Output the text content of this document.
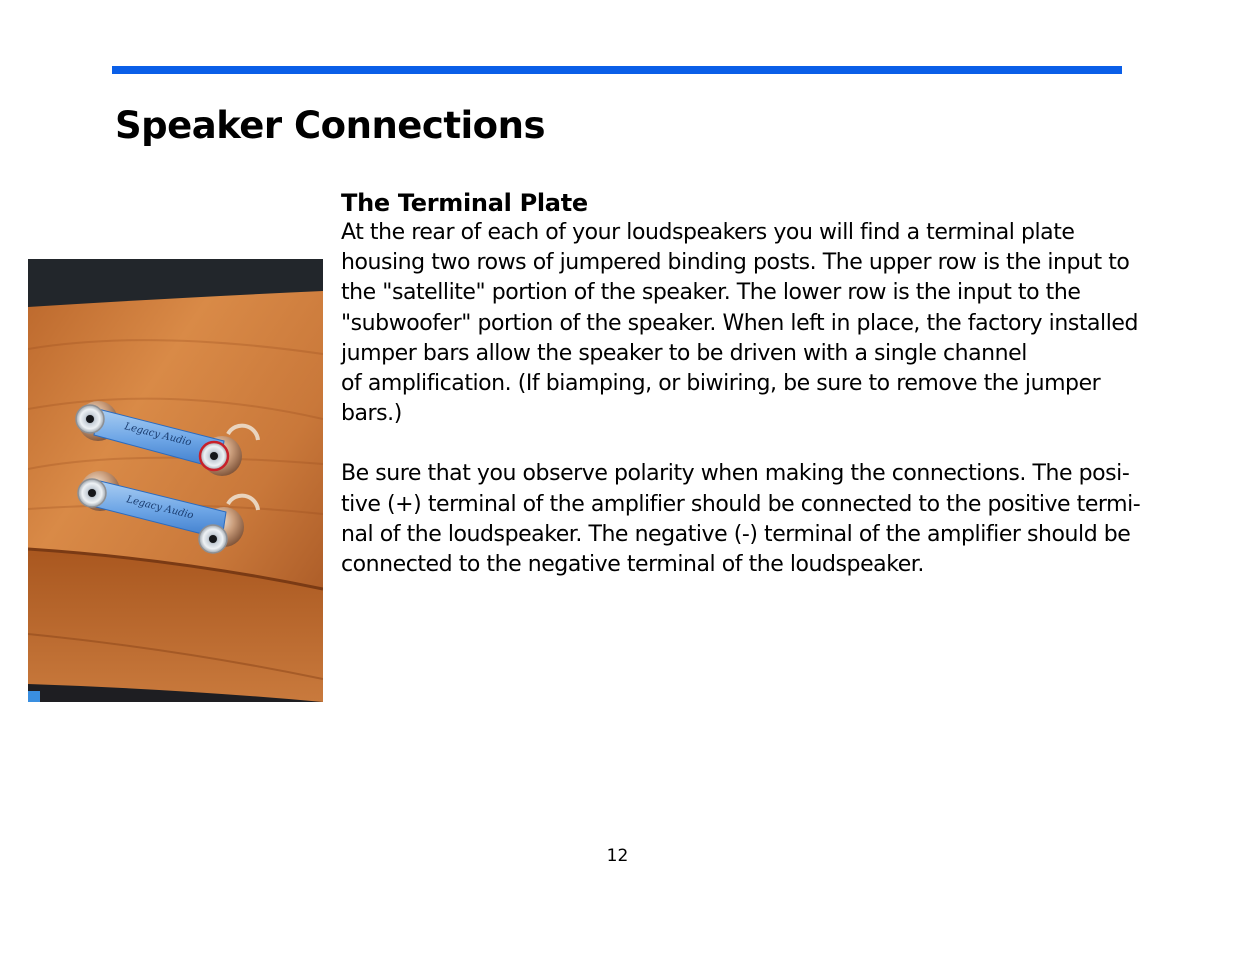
Speaker Connections
Legacy Audio
Legacy Audio
The Terminal Plate

At the rear of each of your loudspeakers you will find a terminal plate
housing two rows of jumpered binding posts. The upper row is the input to
the "satellite" portion of the speaker. The lower row is the input to the
"subwoofer" portion of the speaker. When left in place, the factory installed
jumper bars allow the speaker to be driven with a single channel
of amplification. (If biamping, or biwiring, be sure to remove the jumper
bars.)

Be sure that you observe polarity when making the connections. The posi-
tive (+) terminal of the amplifier should be connected to the positive termi-
nal of the loudspeaker. The negative (-) terminal of the amplifier should be
connected to the negative terminal of the loudspeaker.

12
